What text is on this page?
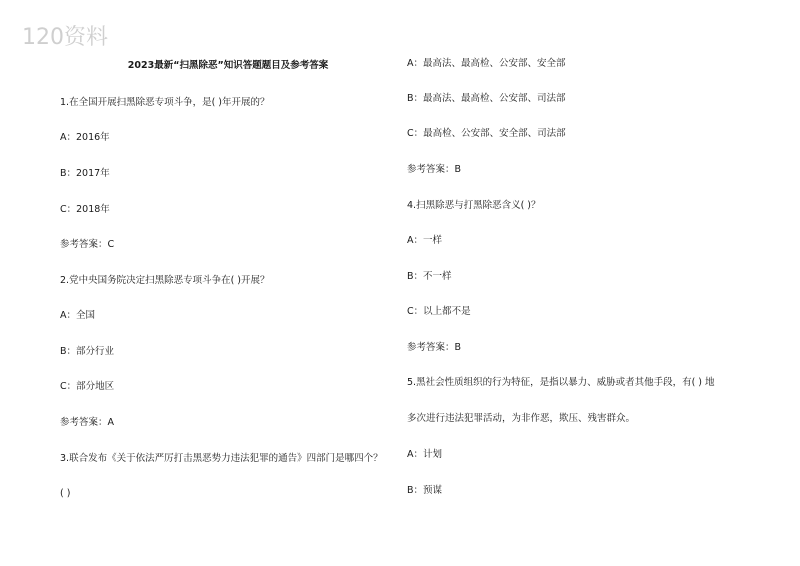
120资料
2023最新“扫黑除恶”知识答题题目及参考答案
1.在全国开展扫黑除恶专项斗争，是( )年开展的？
A：2016年
B：2017年
C：2018年
参考答案：C
2.党中央国务院决定扫黑除恶专项斗争在( )开展？
A：全国
B：部分行业
C：部分地区
参考答案：A
3.联合发布《关于依法严厉打击黑恶势力违法犯罪的通告》四部门是哪四个？
( )
A：最高法、最高检、公安部、安全部
B：最高法、最高检、公安部、司法部
C：最高检、公安部、安全部、司法部
参考答案：B
4.扫黑除恶与打黑除恶含义( )？
A：一样
B：不一样
C：以上都不是
参考答案：B
5.黑社会性质组织的行为特征，是指以暴力、威胁或者其他手段，有( ) 地
多次进行违法犯罪活动，为非作恶，欺压、残害群众。
A：计划
B：预谋
